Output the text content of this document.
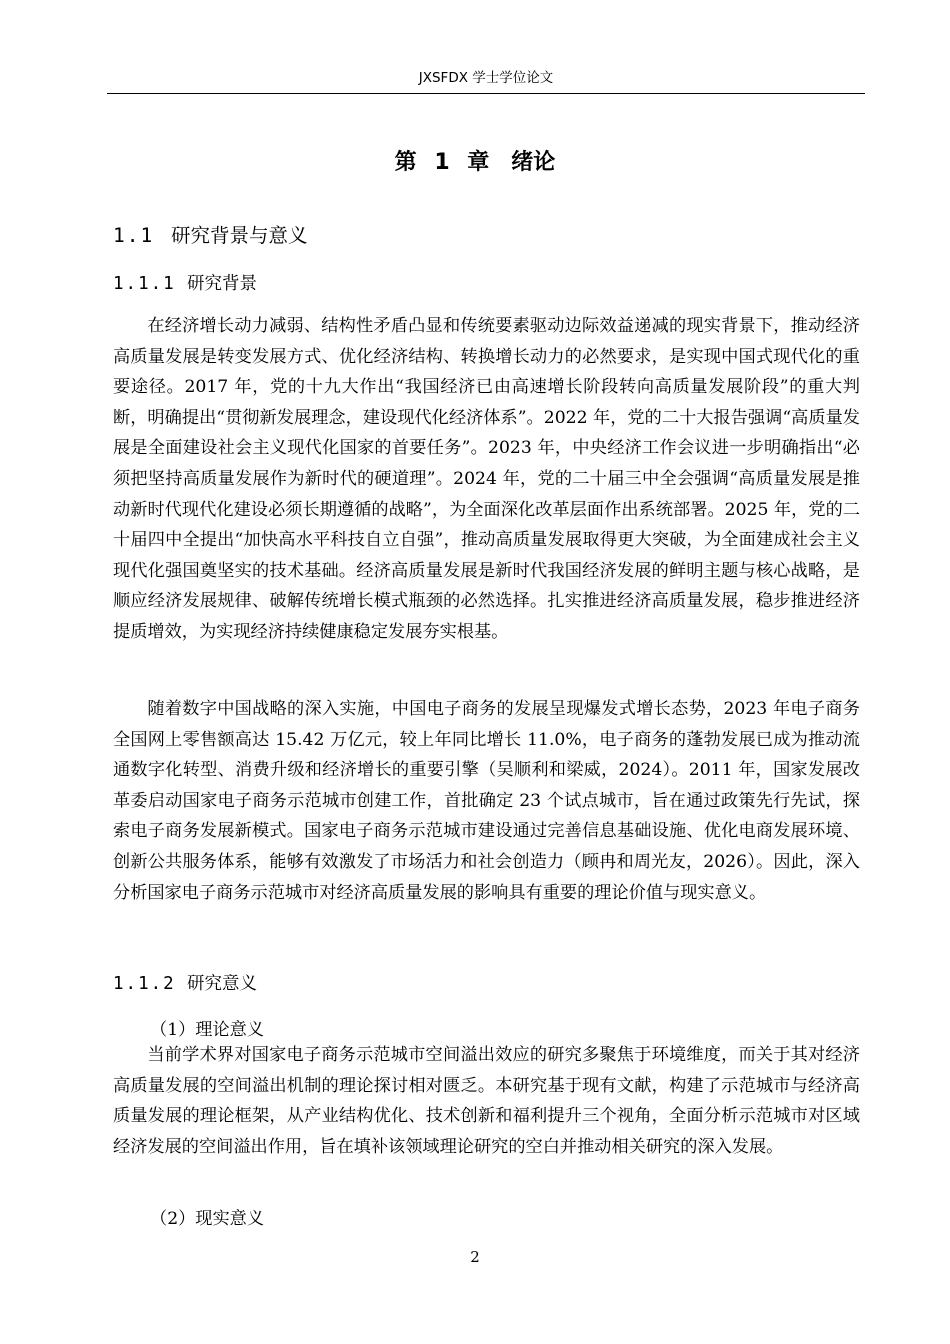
JXSFDX 学士学位论文
第 1 章　绪论
1.1 研究背景与意义
1.1.1 研究背景

在经济增长动力减弱、结构性矛盾凸显和传统要素驱动边际效益递减的现实背景下，推动经济高质量发展是转变发展方式、优化经济结构、转换增长动力的必然要求，是实现中国式现代化的重要途径。2017 年，党的十九大作出“我国经济已由高速增长阶段转向高质量发展阶段”的重大判断，明确提出“贯彻新发展理念，建设现代化经济体系”。2022 年，党的二十大报告强调“高质量发展是全面建设社会主义现代化国家的首要任务”。2023 年，中央经济工作会议进一步明确指出“必须把坚持高质量发展作为新时代的硬道理”。2024 年，党的二十届三中全会强调“高质量发展是推动新时代现代化建设必须长期遵循的战略”，为全面深化改革层面作出系统部署。2025 年，党的二十届四中全提出“加快高水平科技自立自强”，推动高质量发展取得更大突破，为全面建成社会主义现代化强国奠坚实的技术基础。经济高质量发展是新时代我国经济发展的鲜明主题与核心战略，是顺应经济发展规律、破解传统增长模式瓶颈的必然选择。扎实推进经济高质量发展，稳步推进经济提质增效，为实现经济持续健康稳定发展夯实根基。

随着数字中国战略的深入实施，中国电子商务的发展呈现爆发式增长态势，2023 年电子商务全国网上零售额高达 15.42 万亿元，较上年同比增长 11.0%，电子商务的蓬勃发展已成为推动流通数字化转型、消费升级和经济增长的重要引擎（吴顺利和梁威，2024）。2011 年，国家发展改革委启动国家电子商务示范城市创建工作，首批确定 23 个试点城市，旨在通过政策先行先试，探索电子商务发展新模式。国家电子商务示范城市建设通过完善信息基础设施、优化电商发展环境、创新公共服务体系，能够有效激发了市场活力和社会创造力（顾冉和周光友，2026）。因此，深入分析国家电子商务示范城市对经济高质量发展的影响具有重要的理论价值与现实意义。

1.1.2 研究意义
（1）理论意义

当前学术界对国家电子商务示范城市空间溢出效应的研究多聚焦于环境维度，而关于其对经济高质量发展的空间溢出机制的理论探讨相对匮乏。本研究基于现有文献，构建了示范城市与经济高质量发展的理论框架，从产业结构优化、技术创新和福利提升三个视角，全面分析示范城市对区域经济发展的空间溢出作用，旨在填补该领域理论研究的空白并推动相关研究的深入发展。

（2）现实意义
2
